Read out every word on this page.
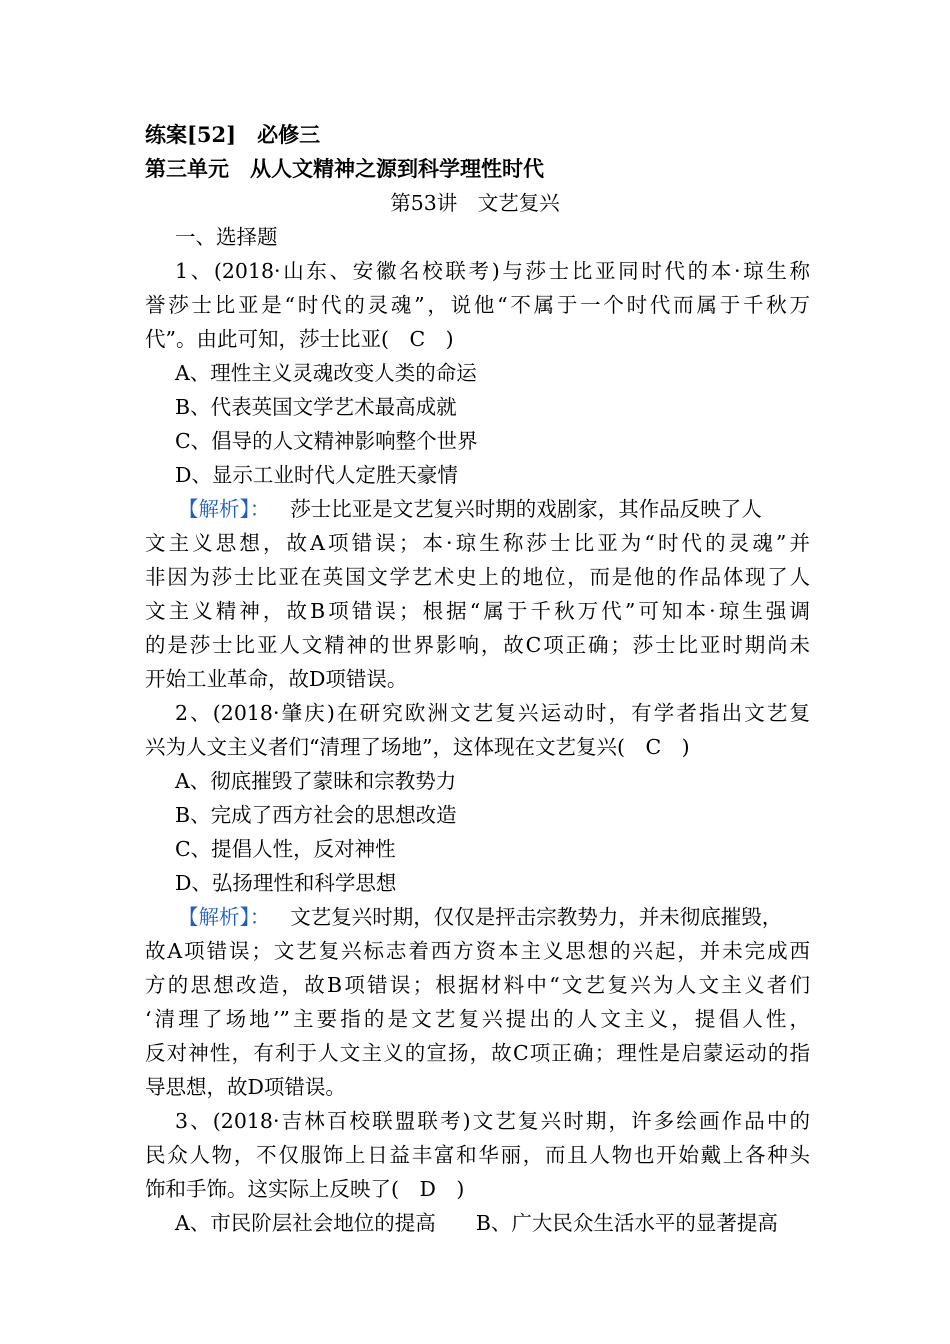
练案[52]　必修三
第三单元　从人文精神之源到科学理性时代
第53讲　文艺复兴
一、选择题
1、(2018·山东、安徽名校联考)与莎士比亚同时代的本·琼生称
誉莎士比亚是“时代的灵魂”，说他“不属于一个时代而属于千秋万
代”。由此可知，莎士比亚(　C　)
A、理性主义灵魂改变人类的命运
B、代表英国文学艺术最高成就
C、倡导的人文精神影响整个世界
D、显示工业时代人定胜天豪情
【解析】： 莎士比亚是文艺复兴时期的戏剧家，其作品反映了人
文主义思想，故A项错误；本·琼生称莎士比亚为“时代的灵魂”并
非因为莎士比亚在英国文学艺术史上的地位，而是他的作品体现了人
文主义精神，故B项错误；根据“属于千秋万代”可知本·琼生强调
的是莎士比亚人文精神的世界影响，故C项正确；莎士比亚时期尚未
开始工业革命，故D项错误。
2、(2018·肇庆)在研究欧洲文艺复兴运动时，有学者指出文艺复
兴为人文主义者们“清理了场地”，这体现在文艺复兴(　C　)
A、彻底摧毁了蒙昧和宗教势力
B、完成了西方社会的思想改造
C、提倡人性，反对神性
D、弘扬理性和科学思想
【解析】： 文艺复兴时期，仅仅是抨击宗教势力，并未彻底摧毁，
故A项错误；文艺复兴标志着西方资本主义思想的兴起，并未完成西
方的思想改造，故B项错误；根据材料中“文艺复兴为人文主义者们
‘清理了场地’”主要指的是文艺复兴提出的人文主义，提倡人性，
反对神性，有利于人文主义的宣扬，故C项正确；理性是启蒙运动的指
导思想，故D项错误。
3、(2018·吉林百校联盟联考)文艺复兴时期，许多绘画作品中的
民众人物，不仅服饰上日益丰富和华丽，而且人物也开始戴上各种头
饰和手饰。这实际上反映了(　D　)
A、市民阶层社会地位的提高 B、广大民众生活水平的显著提高
